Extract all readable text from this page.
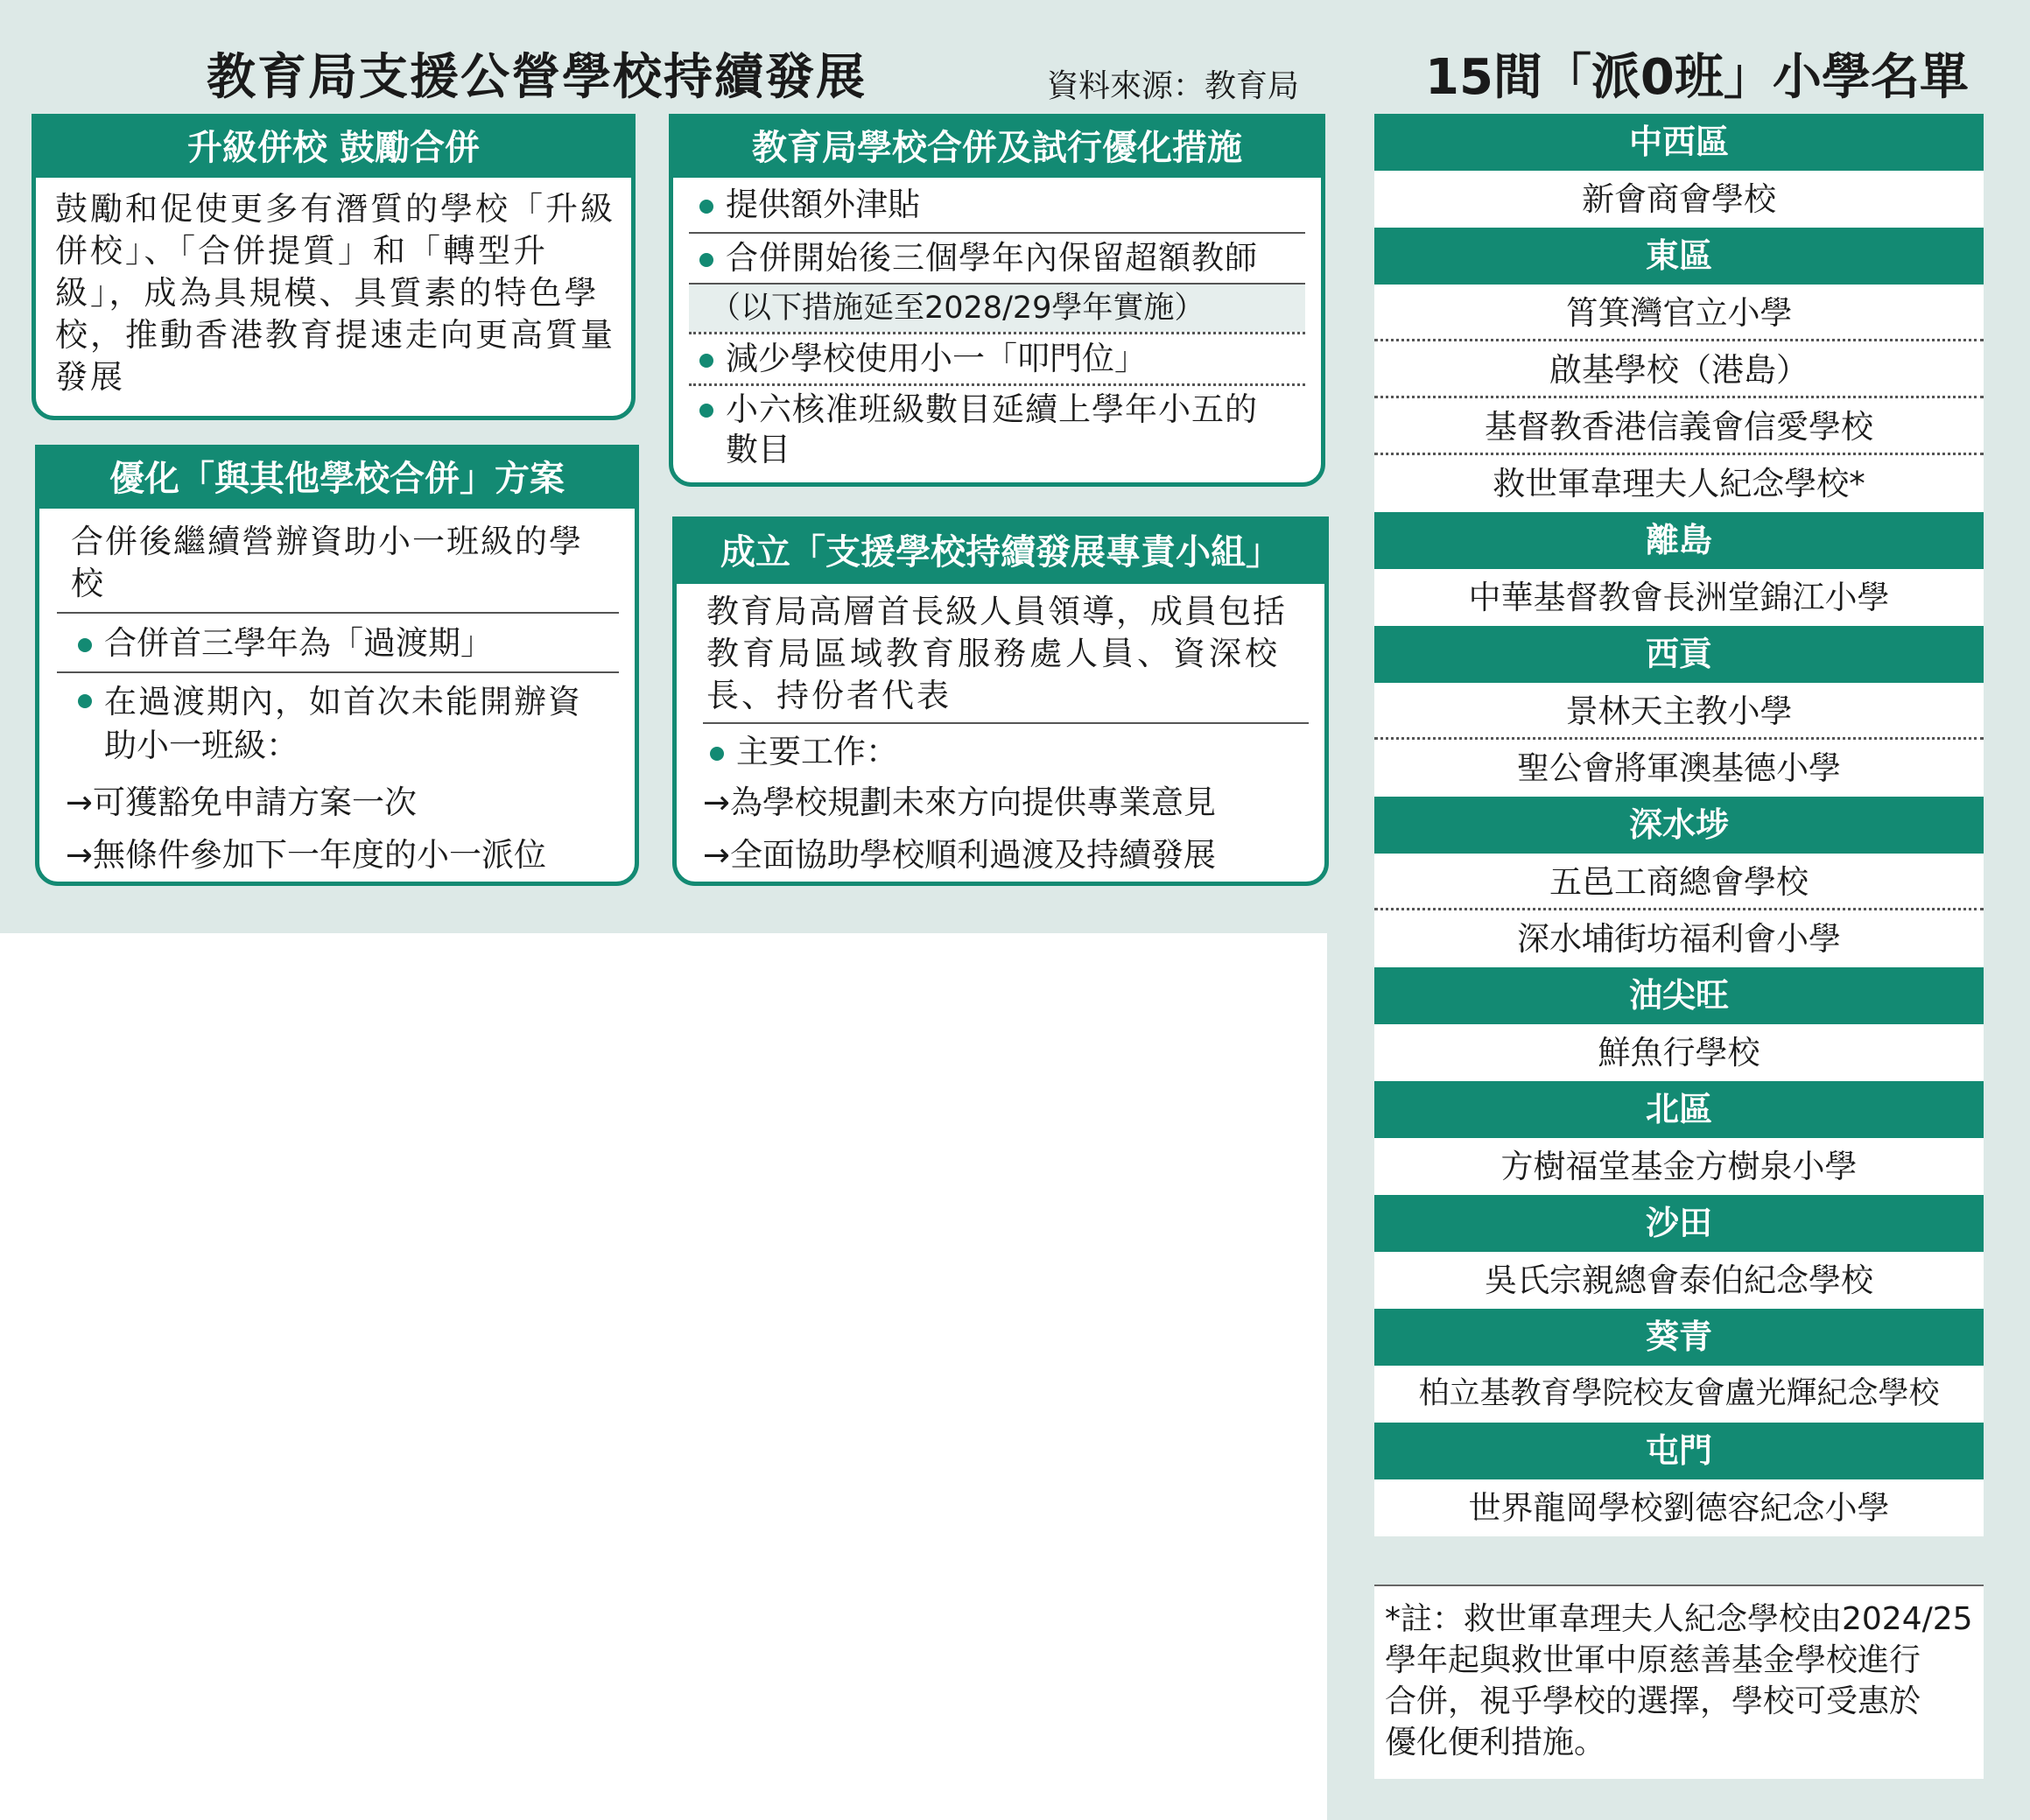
教育局支援公營學校持續發展	資料來源：教育局	15間「派0班」小學名單
升級併校 鼓勵合併
鼓勵和促使更多有潛質的學校「升級
併校」、「合併提質」和「轉型升
級」，成為具規模、具質素的特色學
校，推動香港教育提速走向更高質量
發展
優化「與其他學校合併」方案
合併後繼續營辦資助小一班級的學
校
合併首三學年為「過渡期」
在過渡期內，如首次未能開辦資
助小一班級：
→可獲豁免申請方案一次
→無條件參加下一年度的小一派位
教育局學校合併及試行優化措施
提供額外津貼
合併開始後三個學年內保留超額教師
（以下措施延至2028/29學年實施）
減少學校使用小一「叩門位」
小六核准班級數目延續上學年小五的
數目
成立「支援學校持續發展專責小組」
教育局高層首長級人員領導，成員包括
教育局區域教育服務處人員、資深校
長、持份者代表
主要工作：
→為學校規劃未來方向提供專業意見
→全面協助學校順利過渡及持續發展
中西區
新會商會學校
東區
筲箕灣官立小學
啟基學校（港島）
基督教香港信義會信愛學校
救世軍韋理夫人紀念學校*
離島
中華基督教會長洲堂錦江小學
西貢
景林天主教小學
聖公會將軍澳基德小學
深水埗
五邑工商總會學校
深水埔街坊福利會小學
油尖旺
鮮魚行學校
北區
方樹福堂基金方樹泉小學
沙田
吳氏宗親總會泰伯紀念學校
葵青
柏立基教育學院校友會盧光輝紀念學校
屯門
世界龍岡學校劉德容紀念小學
*註：救世軍韋理夫人紀念學校由2024/25
學年起與救世軍中原慈善基金學校進行
合併，視乎學校的選擇，學校可受惠於
優化便利措施。
